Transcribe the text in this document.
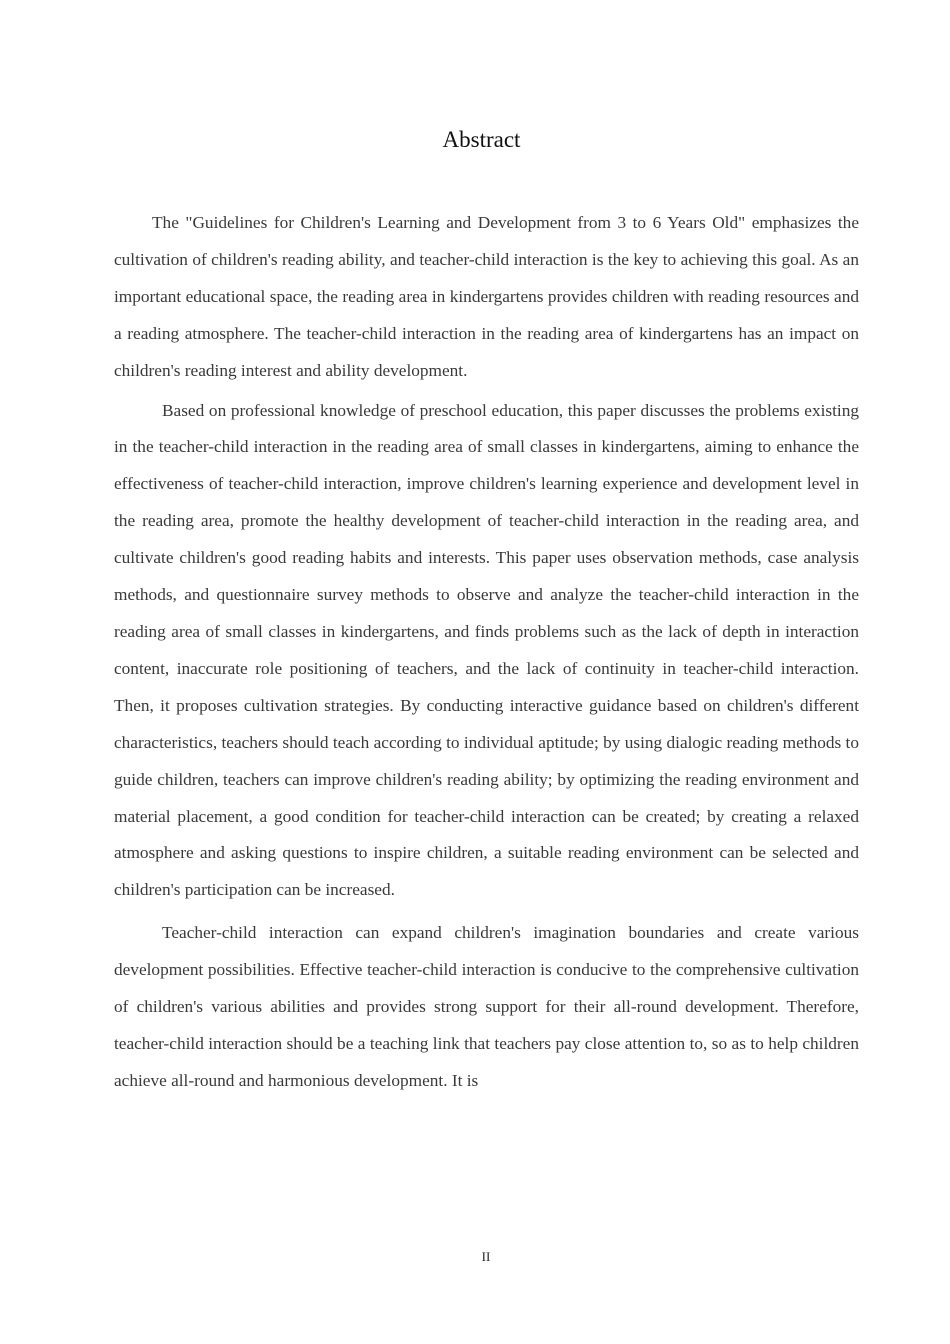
Abstract

The "Guidelines for Children's Learning and Development from 3 to 6 Years Old" emphasizes the cultivation of children's reading ability, and teacher-child interaction is the key to achieving this goal. As an important educational space, the reading area in kindergartens provides children with reading resources and a reading atmosphere. The teacher-child interaction in the reading area of kindergartens has an impact on children's reading interest and ability development.

Based on professional knowledge of preschool education, this paper discusses the problems existing in the teacher-child interaction in the reading area of small classes in kindergartens, aiming to enhance the effectiveness of teacher-child interaction, improve children's learning experience and development level in the reading area, promote the healthy development of teacher-child interaction in the reading area, and cultivate children's good reading habits and interests. This paper uses observation methods, case analysis methods, and questionnaire survey methods to observe and analyze the teacher-child interaction in the reading area of small classes in kindergartens, and finds problems such as the lack of depth in interaction content, inaccurate role positioning of teachers, and the lack of continuity in teacher-child interaction. Then, it proposes cultivation strategies. By conducting interactive guidance based on children's different characteristics, teachers should teach according to individual aptitude; by using dialogic reading methods to guide children, teachers can improve children's reading ability; by optimizing the reading environment and material placement, a good condition for teacher-child interaction can be created; by creating a relaxed atmosphere and asking questions to inspire children, a suitable reading environment can be selected and children's participation can be increased.

Teacher-child interaction can expand children's imagination boundaries and create various development possibilities. Effective teacher-child interaction is conducive to the comprehensive cultivation of children's various abilities and provides strong support for their all-round development. Therefore, teacher-child interaction should be a teaching link that teachers pay close attention to, so as to help children achieve all-round and harmonious development. It is

II
